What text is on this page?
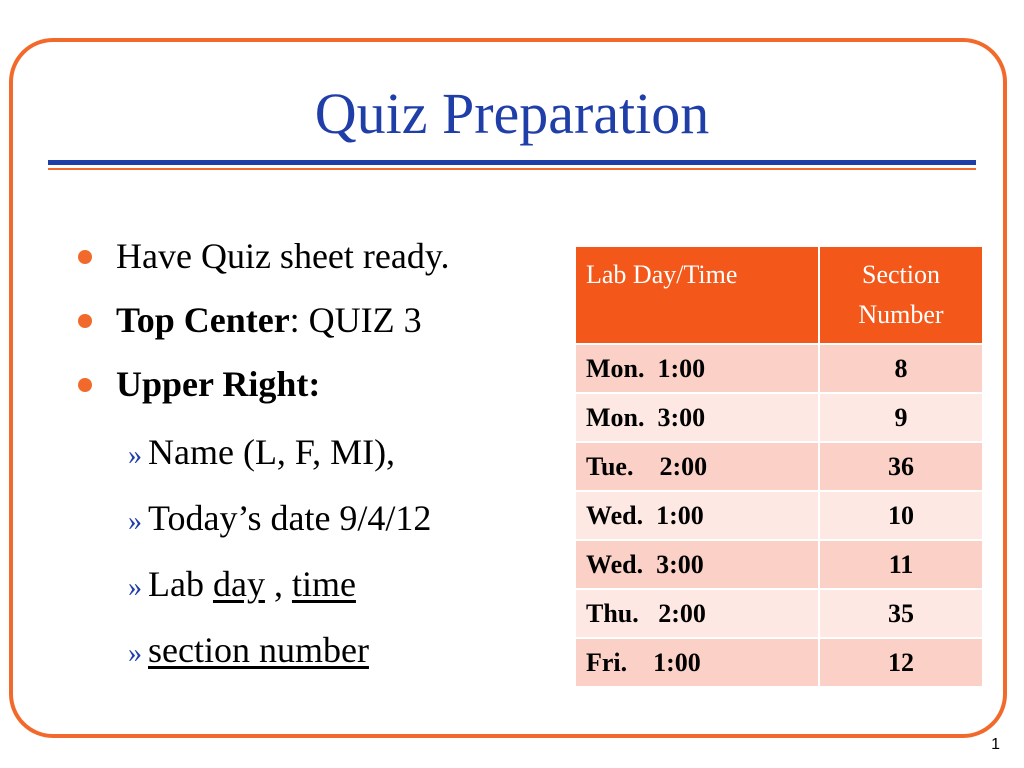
Quiz Preparation
Have Quiz sheet ready.
Top Center: QUIZ 3
Upper Right:
» Name (L, F, MI),
» Today’s date 9/4/12
» Lab day , time
» section number
Lab Day/Time	Section
Number

Mon.  1:00	8
Mon.  3:00	9
Tue.    2:00	36
Wed.  1:00	10
Wed.  3:00	11
Thu.   2:00	35
Fri.    1:00	12
1
